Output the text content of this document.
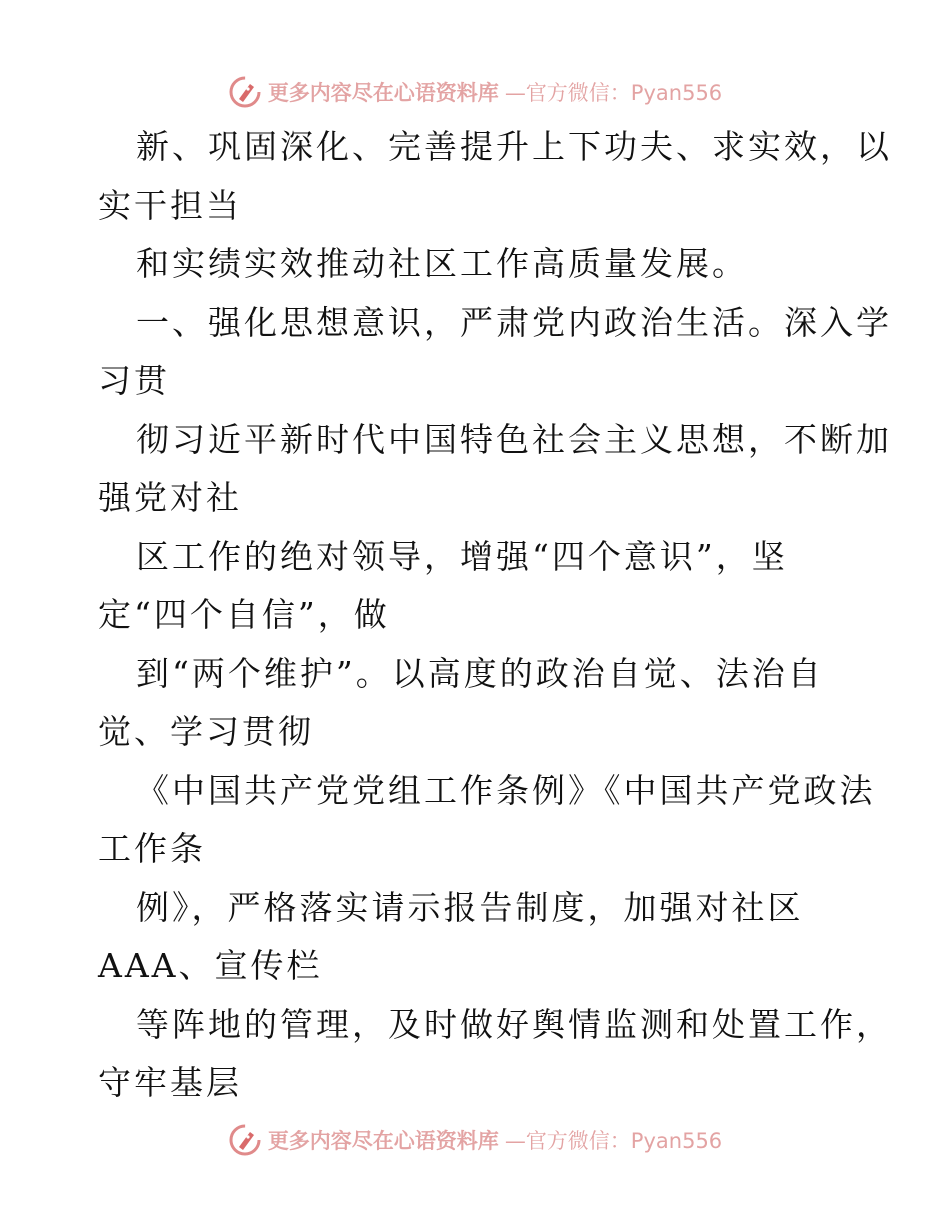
更多内容尽在心语资料库 —官方微信：Pyan556
新、巩固深化、完善提升上下功夫、求实效，以
实干担当
和实绩实效推动社区工作高质量发展。
一、强化思想意识，严肃党内政治生活。深入学
习贯
彻习近平新时代中国特色社会主义思想，不断加
强党对社
区工作的绝对领导，增强“四个意识”，坚
定“四个自信”，做
到“两个维护”。以高度的政治自觉、法治自
觉、学习贯彻
《中国共产党党组工作条例》《中国共产党政法
工作条
例》，严格落实请示报告制度，加强对社区
AAA、宣传栏
等阵地的管理，及时做好舆情监测和处置工作，
守牢基层
更多内容尽在心语资料库 —官方微信：Pyan556
